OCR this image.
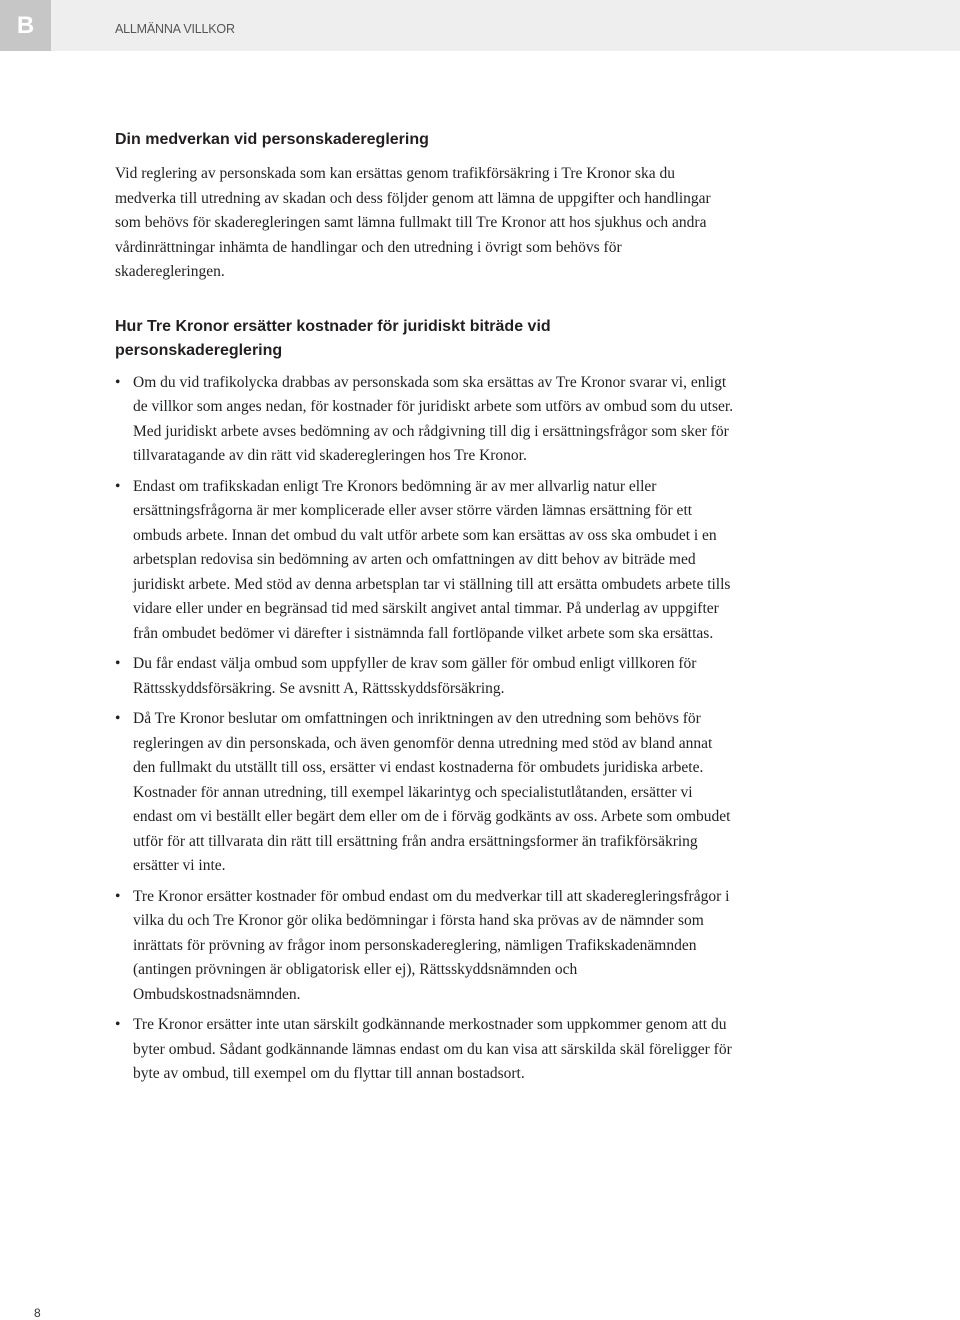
B	ALLMÄNNA VILLKOR
Din medverkan vid personskadereglering

Vid reglering av personskada som kan ersättas genom trafikförsäkring i Tre Kronor ska du medverka till utredning av skadan och dess följder genom att lämna de uppgifter och handlingar som behövs för skaderegleringen samt lämna fullmakt till Tre Kronor att hos sjukhus och andra vårdinrättningar inhämta de handlingar och den utredning i övrigt som behövs för skaderegleringen.

Hur Tre Kronor ersätter kostnader för juridiskt biträde vid personskadereglering
• Om du vid trafikolycka drabbas av personskada som ska ersättas av Tre Kronor svarar vi, enligt de villkor som anges nedan, för kostnader för juridiskt arbete som utförs av ombud som du utser. Med juridiskt arbete avses bedömning av och rådgivning till dig i ersättningsfrågor som sker för tillvaratagande av din rätt vid skaderegleringen hos Tre Kronor.
• Endast om trafikskadan enligt Tre Kronors bedömning är av mer allvarlig natur eller ersättningsfrågorna är mer komplicerade eller avser större värden lämnas ersättning för ett ombuds arbete. Innan det ombud du valt utför arbete som kan ersättas av oss ska ombudet i en arbetsplan redovisa sin bedömning av arten och omfattningen av ditt behov av biträde med juridiskt arbete. Med stöd av denna arbetsplan tar vi ställning till att ersätta ombudets arbete tills vidare eller under en begränsad tid med särskilt angivet antal timmar. På underlag av uppgifter från ombudet bedömer vi därefter i sistnämnda fall fortlöpande vilket arbete som ska ersättas.
• Du får endast välja ombud som uppfyller de krav som gäller för ombud enligt villkoren för Rättsskyddsförsäkring. Se avsnitt A, Rättsskyddsförsäkring.
• Då Tre Kronor beslutar om omfattningen och inriktningen av den utredning som behövs för regleringen av din personskada, och även genomför denna utredning med stöd av bland annat den fullmakt du utställt till oss, ersätter vi endast kostnaderna för ombudets juridiska arbete. Kostnader för annan utredning, till exempel läkarintyg och specialistutlåtanden, ersätter vi endast om vi beställt eller begärt dem eller om de i förväg godkänts av oss. Arbete som ombudet utför för att tillvarata din rätt till ersättning från andra ersättningsformer än trafikförsäkring ersätter vi inte.
• Tre Kronor ersätter kostnader för ombud endast om du medverkar till att skaderegleringsfrågor i vilka du och Tre Kronor gör olika bedömningar i första hand ska prövas av de nämnder som inrättats för prövning av frågor inom personskadereglering, nämligen Trafikskadenämnden (antingen prövningen är obligatorisk eller ej), Rättsskyddsnämnden och Ombudskostnadsnämnden.
• Tre Kronor ersätter inte utan särskilt godkännande merkostnader som uppkommer genom att du byter ombud. Sådant godkännande lämnas endast om du kan visa att särskilda skäl föreligger för byte av ombud, till exempel om du flyttar till annan bostadsort.
8
